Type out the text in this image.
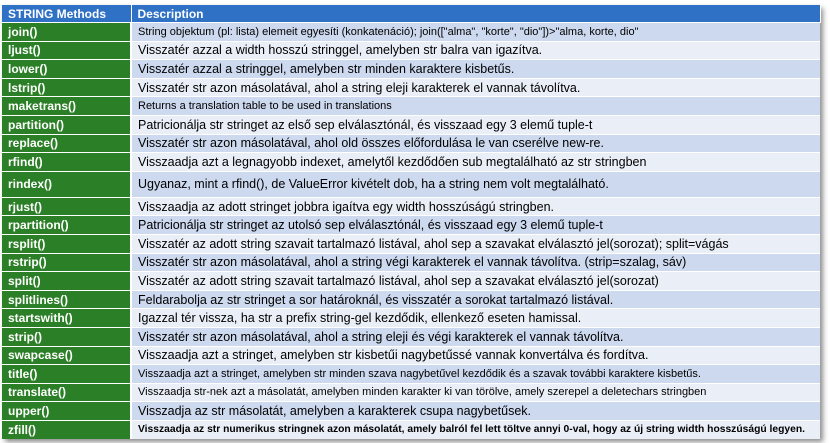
STRING Methods	Description
join()	String objektum (pl: lista) elemeit egyesíti (konkatenáció); join(["alma", "korte", "dio"])>"alma, korte, dio"
ljust()	Visszatér azzal a width hosszú stringgel, amelyben str balra van igazítva.
lower()	Visszatér azzal a stringgel, amelyben str minden karaktere kisbetűs.
lstrip()	Visszatér str azon másolatával, ahol a string eleji karakterek el vannak távolítva.
maketrans()	Returns a translation table to be used in translations
partition()	Patricionálja str stringet az első sep elválasztónál, és visszaad egy 3 elemű tuple-t
replace()	Visszatér str azon másolatával, ahol old összes előfordulása le van cserélve new-re.
rfind()	Visszaadja azt a legnagyobb indexet, amelytől kezdődően sub megtalálható az str stringben
rindex()	Ugyanaz, mint a rfind(), de ValueError kivételt dob, ha a string nem volt megtalálható.
rjust()	Visszaadja az adott stringet jobbra igaítva egy width hosszúságú stringben.
rpartition()	Patricionálja str stringet az utolsó sep elválasztónál, és visszaad egy 3 elemű tuple-t
rsplit()	Visszatér az adott string szavait tartalmazó listával, ahol sep a szavakat elválasztó jel(sorozat); split=vágás
rstrip()	Visszatér str azon másolatával, ahol a string végi karakterek el vannak távolítva. (strip=szalag, sáv)
split()	Visszatér az adott string szavait tartalmazó listával, ahol sep a szavakat elválasztó jel(sorozat)
splitlines()	Feldarabolja az str stringet a sor határoknál, és visszatér a sorokat tartalmazó listával.
startswith()	Igazzal tér vissza, ha str a prefix string-gel kezdődik, ellenkező eseten hamissal.
strip()	Visszatér str azon másolatával, ahol a string eleji és végi karakterek el vannak távolítva.
swapcase()	Visszaadja azt a stringet, amelyben str kisbetűi nagybetűssé vannak konvertálva és fordítva.
title()	Visszaadja azt a stringet, amelyben str minden szava nagybetűvel kezdődik és a szavak további karaktere kisbetűs.
translate()	Visszaadja str-nek azt a másolatát, amelyben minden karakter ki van törölve, amely szerepel a deletechars stringben
upper()	Visszadja az str másolatát, amelyben a karakterek csupa nagybetűsek.
zfill()	Visszaadja az str numerikus stringnek azon másolatát, amely balról fel lett töltve annyi 0-val, hogy az új string width hosszúságú legyen.
